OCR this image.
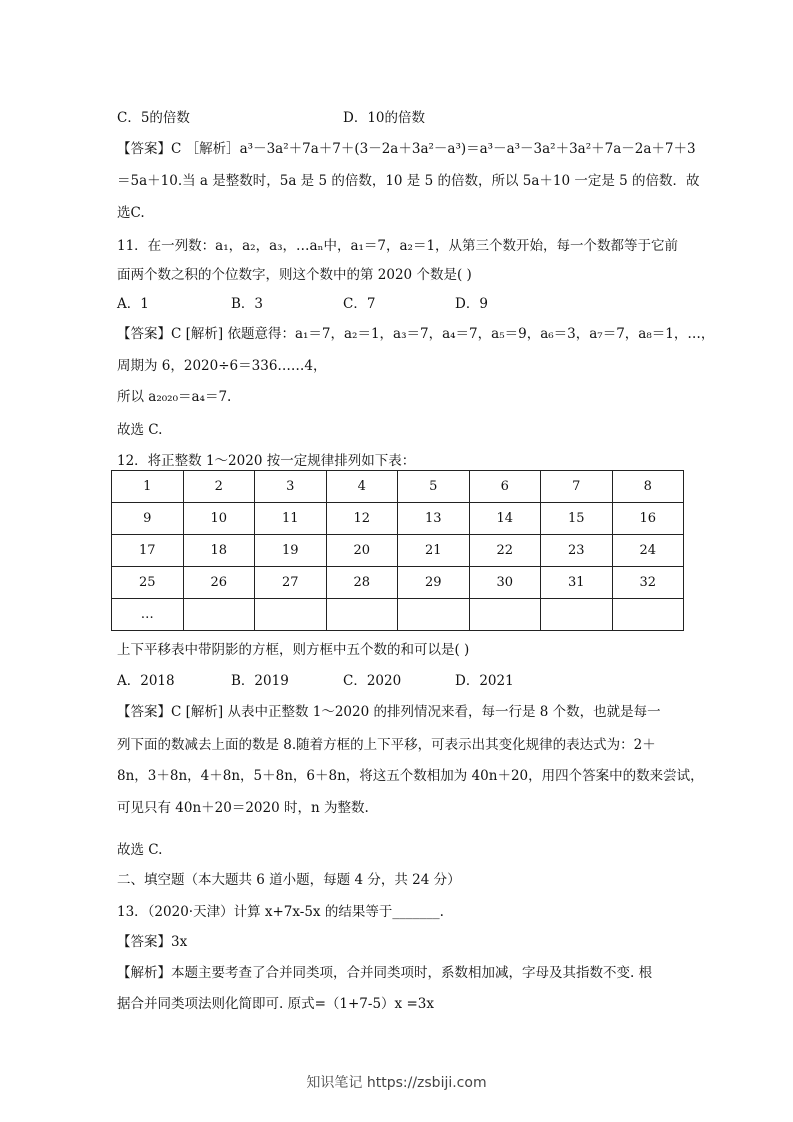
C．5的倍数	D．10的倍数
【答案】C ［解析］a³－3a²＋7a＋7＋(3－2a＋3a²－a³)＝a³－a³－3a²＋3a²＋7a－2a＋7＋3
＝5a＋10.当 a 是整数时，5a 是 5 的倍数，10 是 5 的倍数，所以 5a＋10 一定是 5 的倍数．故
选C.
11．在一列数：a₁，a₂，a₃，…aₙ中，a₁＝7，a₂＝1，从第三个数开始，每一个数都等于它前
面两个数之积的个位数字，则这个数中的第 2020 个数是( )
A．1	B．3	C．7	D．9
【答案】C [解析] 依题意得：a₁＝7，a₂＝1，a₃＝7，a₄＝7，a₅＝9，a₆＝3，a₇＝7，a₈＝1，…，
周期为 6，2020÷6＝336……4，
所以 a₂₀₂₀＝a₄＝7.
故选 C.
12．将正整数 1～2020 按一定规律排列如下表：
1	2	3	4	5	6	7	8
9	10	11	12	13	14	15	16
17	18	19	20	21	22	23	24
25	26	27	28	29	30	31	32
…							
上下平移表中带阴影的方框，则方框中五个数的和可以是( )
A．2018	B．2019	C．2020	D．2021
【答案】C [解析] 从表中正整数 1～2020 的排列情况来看，每一行是 8 个数，也就是每一
列下面的数减去上面的数是 8.随着方框的上下平移，可表示出其变化规律的表达式为：2＋
8n，3＋8n，4＋8n，5＋8n，6＋8n，将这五个数相加为 40n＋20，用四个答案中的数来尝试，
可见只有 40n＋20＝2020 时，n 为整数.
故选 C.
二、填空题（本大题共 6 道小题，每题 4 分，共 24 分）
13．（2020·天津）计算 x+7x-5x 的结果等于_______.
【答案】3x
【解析】本题主要考查了合并同类项，合并同类项时，系数相加减，字母及其指数不变. 根
据合并同类项法则化简即可. 原式=（1+7-5）x =3x
知识笔记 https://zsbiji.com
